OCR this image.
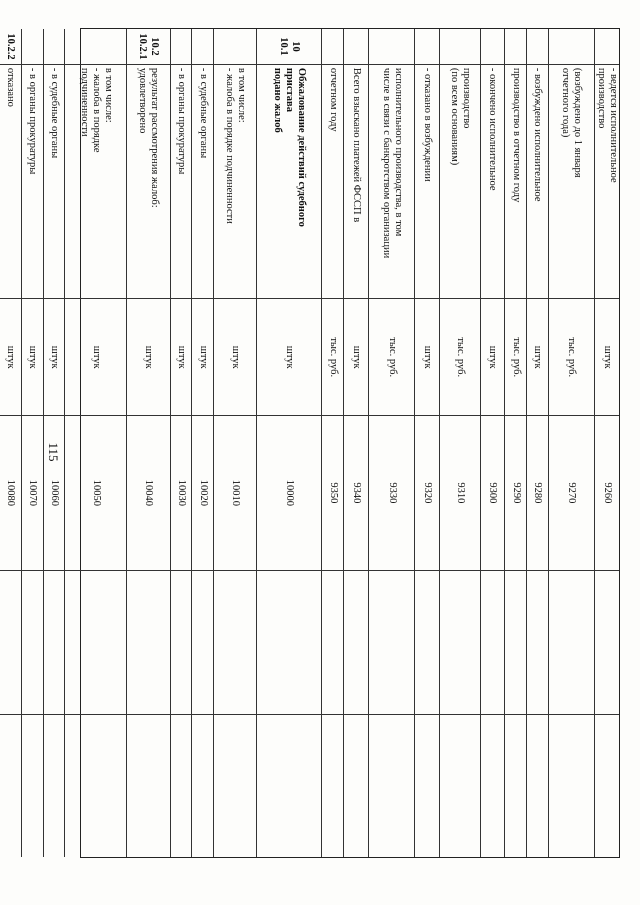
115
- ведется исполнительное
производство
штук
9260
(возбуждено до 1 января
отчетного года)
тыс. руб.
9270
- возбуждено исполнительное
штук
9280
производство в отчетном году
тыс. руб.
9290
- окончено исполнительное
штук
9300
производство
(по всем основаниям)
тыс. руб.
9310
- отказано в возбуждении
штук
9320
исполнительного производства, в том
числе в связи с банкротством организации
тыс. руб.
9330
Всего взыскано платежей ФССП в
штук
9340
отчетном году
тыс. руб.
9350
10
10.1
Обжалование действий судебного
пристава
подано жалоб
штук
10000
в том числе:
- жалоба в порядке подчиненности
штук
10010
- в судебные органы
штук
10020
- в органы прокуратуры
штук
10030
10.2
10.2.1
результат рассмотрения жалоб:
удовлетворено
штук
10040
в том числе:
- жалоба в порядке
подчиненности
штук
10050
- в судебные органы
штук
10060
- в органы прокуратуры
штук
10070
10.2.2
отказано
штук
10080
